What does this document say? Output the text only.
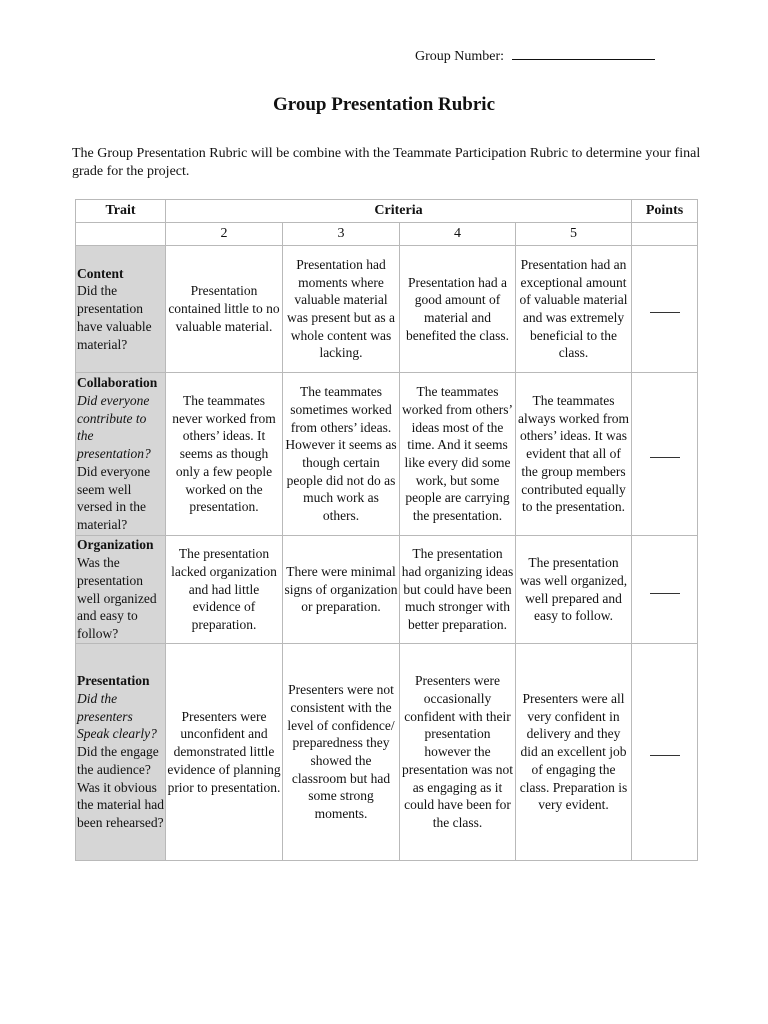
Group Number:
Group Presentation Rubric
The Group Presentation Rubric will be combine with the Teammate Participation Rubric to determine your final grade for the project.
Trait	Criteria				Points
	2	3	4	5	

Content
Did the presentation have valuable material?	Presentation contained little to no valuable material.	Presentation had moments where valuable material was present but as a whole content was lacking.	Presentation had a good amount of material and benefited the class.	Presentation had an exceptional amount of valuable material and was extremely beneficial to the class.	

Collaboration
Did everyone contribute to the presentation?
Did everyone seem well versed in the material?	The teammates never worked from others’ ideas. It seems as though only a few people worked on the presentation.	The teammates sometimes worked from others’ ideas. However it seems as though certain people did not do as much work as others.	The teammates worked from others’ ideas most of the time. And it seems like every did some work, but some people are carrying the presentation.	The teammates always worked from others’ ideas. It was evident that all of the group members contributed equally to the presentation.	

Organization
Was the presentation well organized and easy to follow?	The presentation lacked organization and had little evidence of preparation.	There were minimal signs of organization or preparation.	The presentation had organizing ideas but could have been much stronger with better preparation.	The presentation was well organized, well prepared and easy to follow.	

Presentation
Did the presenters Speak clearly?
Did the engage the audience?
Was it obvious the material had been rehearsed?	Presenters were unconfident and demonstrated little evidence of planning prior to presentation.	Presenters were not consistent with the level of confidence/ preparedness they showed the classroom but had some strong moments.	Presenters were occasionally confident with their presentation however the presentation was not as engaging as it could have been for the class.	Presenters were all very confident in delivery and they did an excellent job of engaging the class. Preparation is very evident.	
